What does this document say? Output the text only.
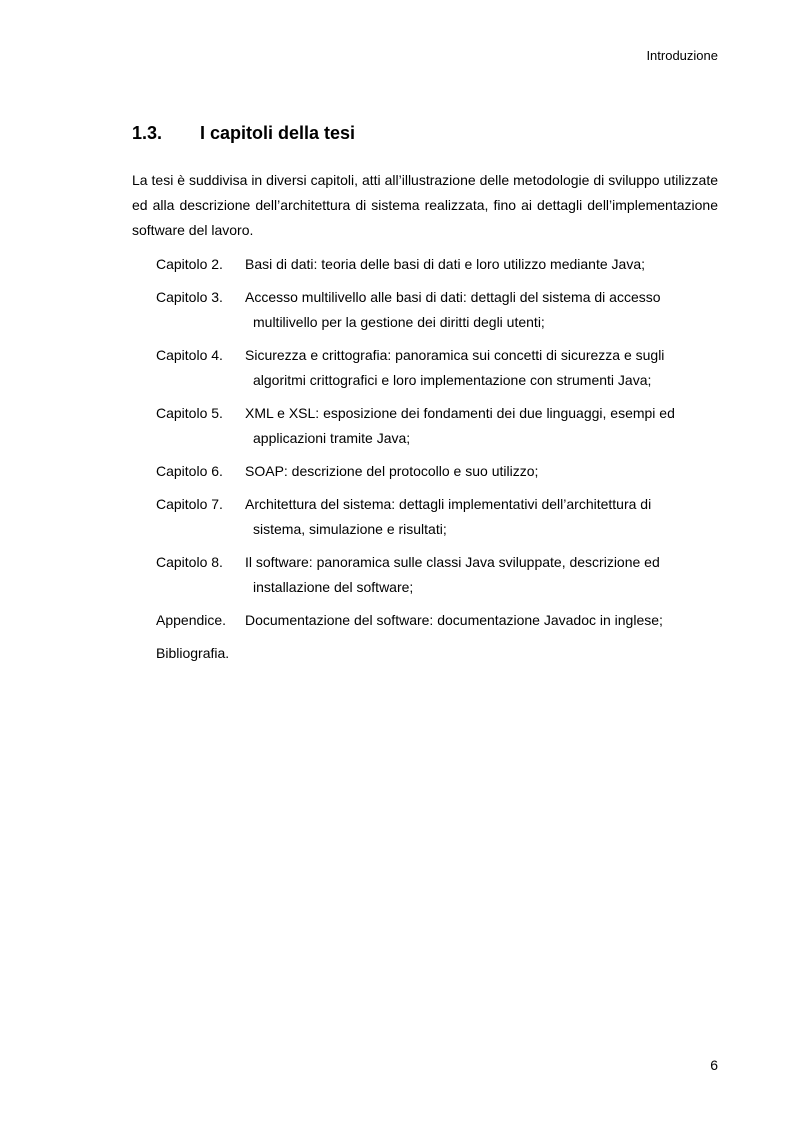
Introduzione
1.3. I capitoli della tesi

La tesi è suddivisa in diversi capitoli, atti all’illustrazione delle metodologie di sviluppo utilizzate ed alla descrizione dell’architettura di sistema realizzata, fino ai dettagli dell’implementazione software del lavoro.

Capitolo 2. Basi di dati: teoria delle basi di dati e loro utilizzo mediante Java;
Capitolo 3. Accesso multilivello alle basi di dati: dettagli del sistema di accesso
multilivello per la gestione dei diritti degli utenti;
Capitolo 4. Sicurezza e crittografia: panoramica sui concetti di sicurezza e sugli
algoritmi crittografici e loro implementazione con strumenti Java;
Capitolo 5. XML e XSL: esposizione dei fondamenti dei due linguaggi, esempi ed
applicazioni tramite Java;
Capitolo 6. SOAP: descrizione del protocollo e suo utilizzo;
Capitolo 7. Architettura del sistema: dettagli implementativi dell’architettura di
sistema, simulazione e risultati;
Capitolo 8. Il software: panoramica sulle classi Java sviluppate, descrizione ed
installazione del software;
Appendice. Documentazione del software: documentazione Javadoc in inglese;
Bibliografia.

6
